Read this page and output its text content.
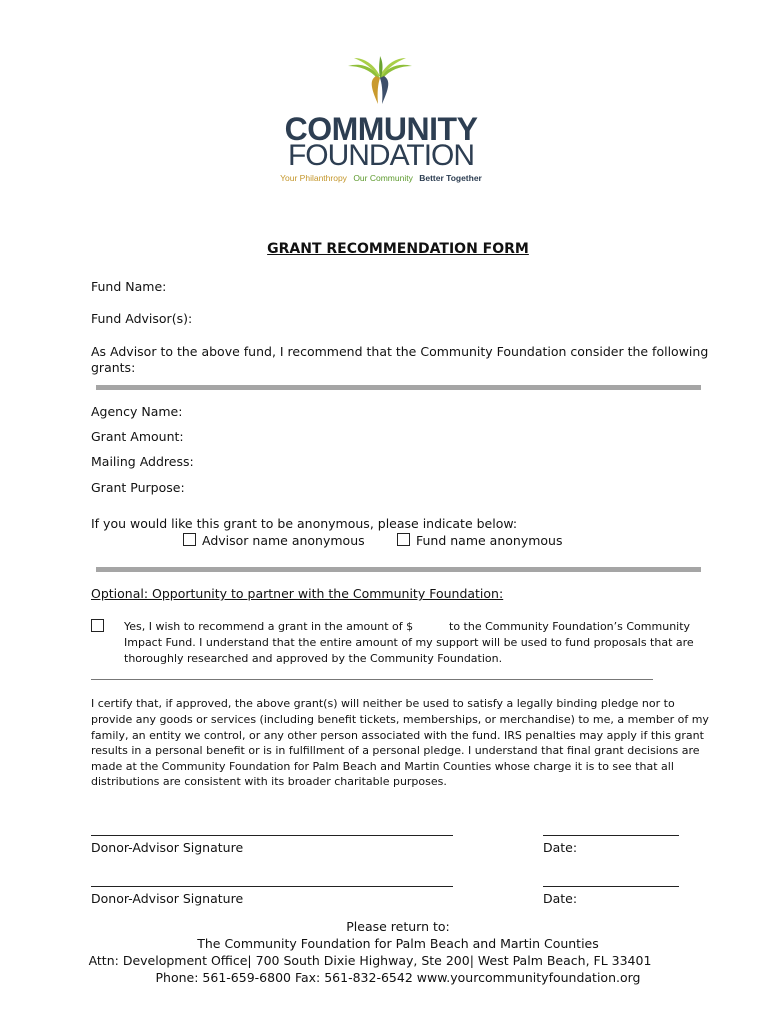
COMMUNITY
FOUNDATION
Your Philanthropy Our Community Better Together
GRANT RECOMMENDATION FORM
Fund Name:
Fund Advisor(s):
As Advisor to the above fund, I recommend that the Community Foundation consider the following
grants:
Agency Name:
Grant Amount:
Mailing Address:
Grant Purpose:
If you would like this grant to be anonymous, please indicate below:
Advisor name anonymous	Fund name anonymous
Optional: Opportunity to partner with the Community Foundation:
Yes, I wish to recommend a grant in the amount of $	to the Community Foundation’s Community
Impact Fund. I understand that the entire amount of my support will be used to fund proposals that are
thoroughly researched and approved by the Community Foundation.
I certify that, if approved, the above grant(s) will neither be used to satisfy a legally binding pledge nor to
provide any goods or services (including benefit tickets, memberships, or merchandise) to me, a member of my
family, an entity we control, or any other person associated with the fund. IRS penalties may apply if this grant
results in a personal benefit or is in fulfillment of a personal pledge. I understand that final grant decisions are
made at the Community Foundation for Palm Beach and Martin Counties whose charge it is to see that all
distributions are consistent with its broader charitable purposes.
Donor-Advisor Signature	Date:
Donor-Advisor Signature	Date:
Please return to:
The Community Foundation for Palm Beach and Martin Counties
Attn: Development Office| 700 South Dixie Highway, Ste 200| West Palm Beach, FL 33401
Phone: 561-659-6800 Fax: 561-832-6542 www.yourcommunityfoundation.org
